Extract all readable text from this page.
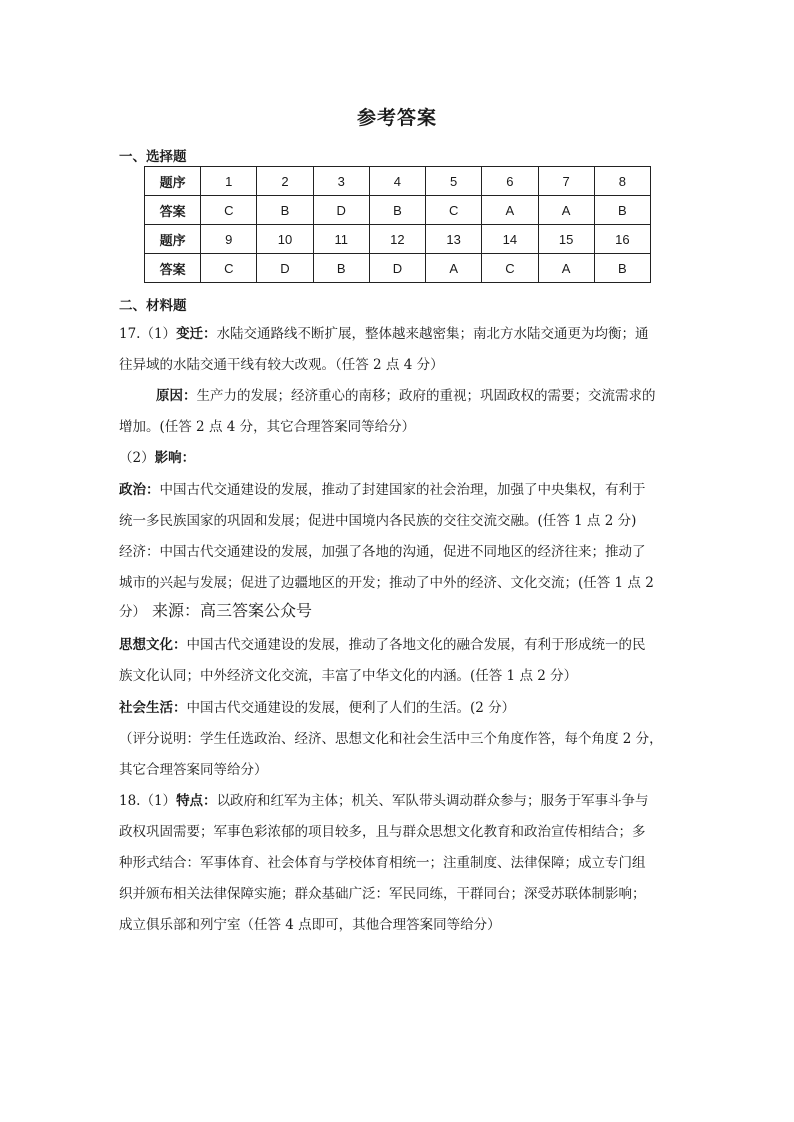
参考答案
一、选择题
题序	1	2	3	4	5	6	7	8
答案	C	B	D	B	C	A	A	B
题序	9	10	11	12	13	14	15	16
答案	C	D	B	D	A	C	A	B
二、材料题
17.（1）变迁：水陆交通路线不断扩展，整体越来越密集；南北方水陆交通更为均衡；通
往异域的水陆交通干线有较大改观。（任答 2 点 4 分）
原因：生产力的发展；经济重心的南移；政府的重视；巩固政权的需要；交流需求的
增加。(任答 2 点 4 分，其它合理答案同等给分）
（2）影响：
政治：中国古代交通建设的发展，推动了封建国家的社会治理，加强了中央集权，有利于
统一多民族国家的巩固和发展；促进中国境内各民族的交往交流交融。(任答 1 点 2 分)
经济：中国古代交通建设的发展，加强了各地的沟通，促进不同地区的经济往来；推动了
城市的兴起与发展；促进了边疆地区的开发；推动了中外的经济、文化交流；(任答 1 点 2
分） 来源：高三答案公众号
思想文化：中国古代交通建设的发展，推动了各地文化的融合发展，有利于形成统一的民
族文化认同；中外经济文化交流，丰富了中华文化的内涵。(任答 1 点 2 分）
社会生活：中国古代交通建设的发展，便利了人们的生活。(2 分）
（评分说明：学生任选政治、经济、思想文化和社会生活中三个角度作答，每个角度 2 分，
其它合理答案同等给分）
18.（1）特点：以政府和红军为主体；机关、军队带头调动群众参与；服务于军事斗争与
政权巩固需要；军事色彩浓郁的项目较多，且与群众思想文化教育和政治宣传相结合；多
种形式结合：军事体育、社会体育与学校体育相统一；注重制度、法律保障；成立专门组
织并颁布相关法律保障实施；群众基础广泛：军民同练，干群同台；深受苏联体制影响；
成立俱乐部和列宁室（任答 4 点即可，其他合理答案同等给分）
